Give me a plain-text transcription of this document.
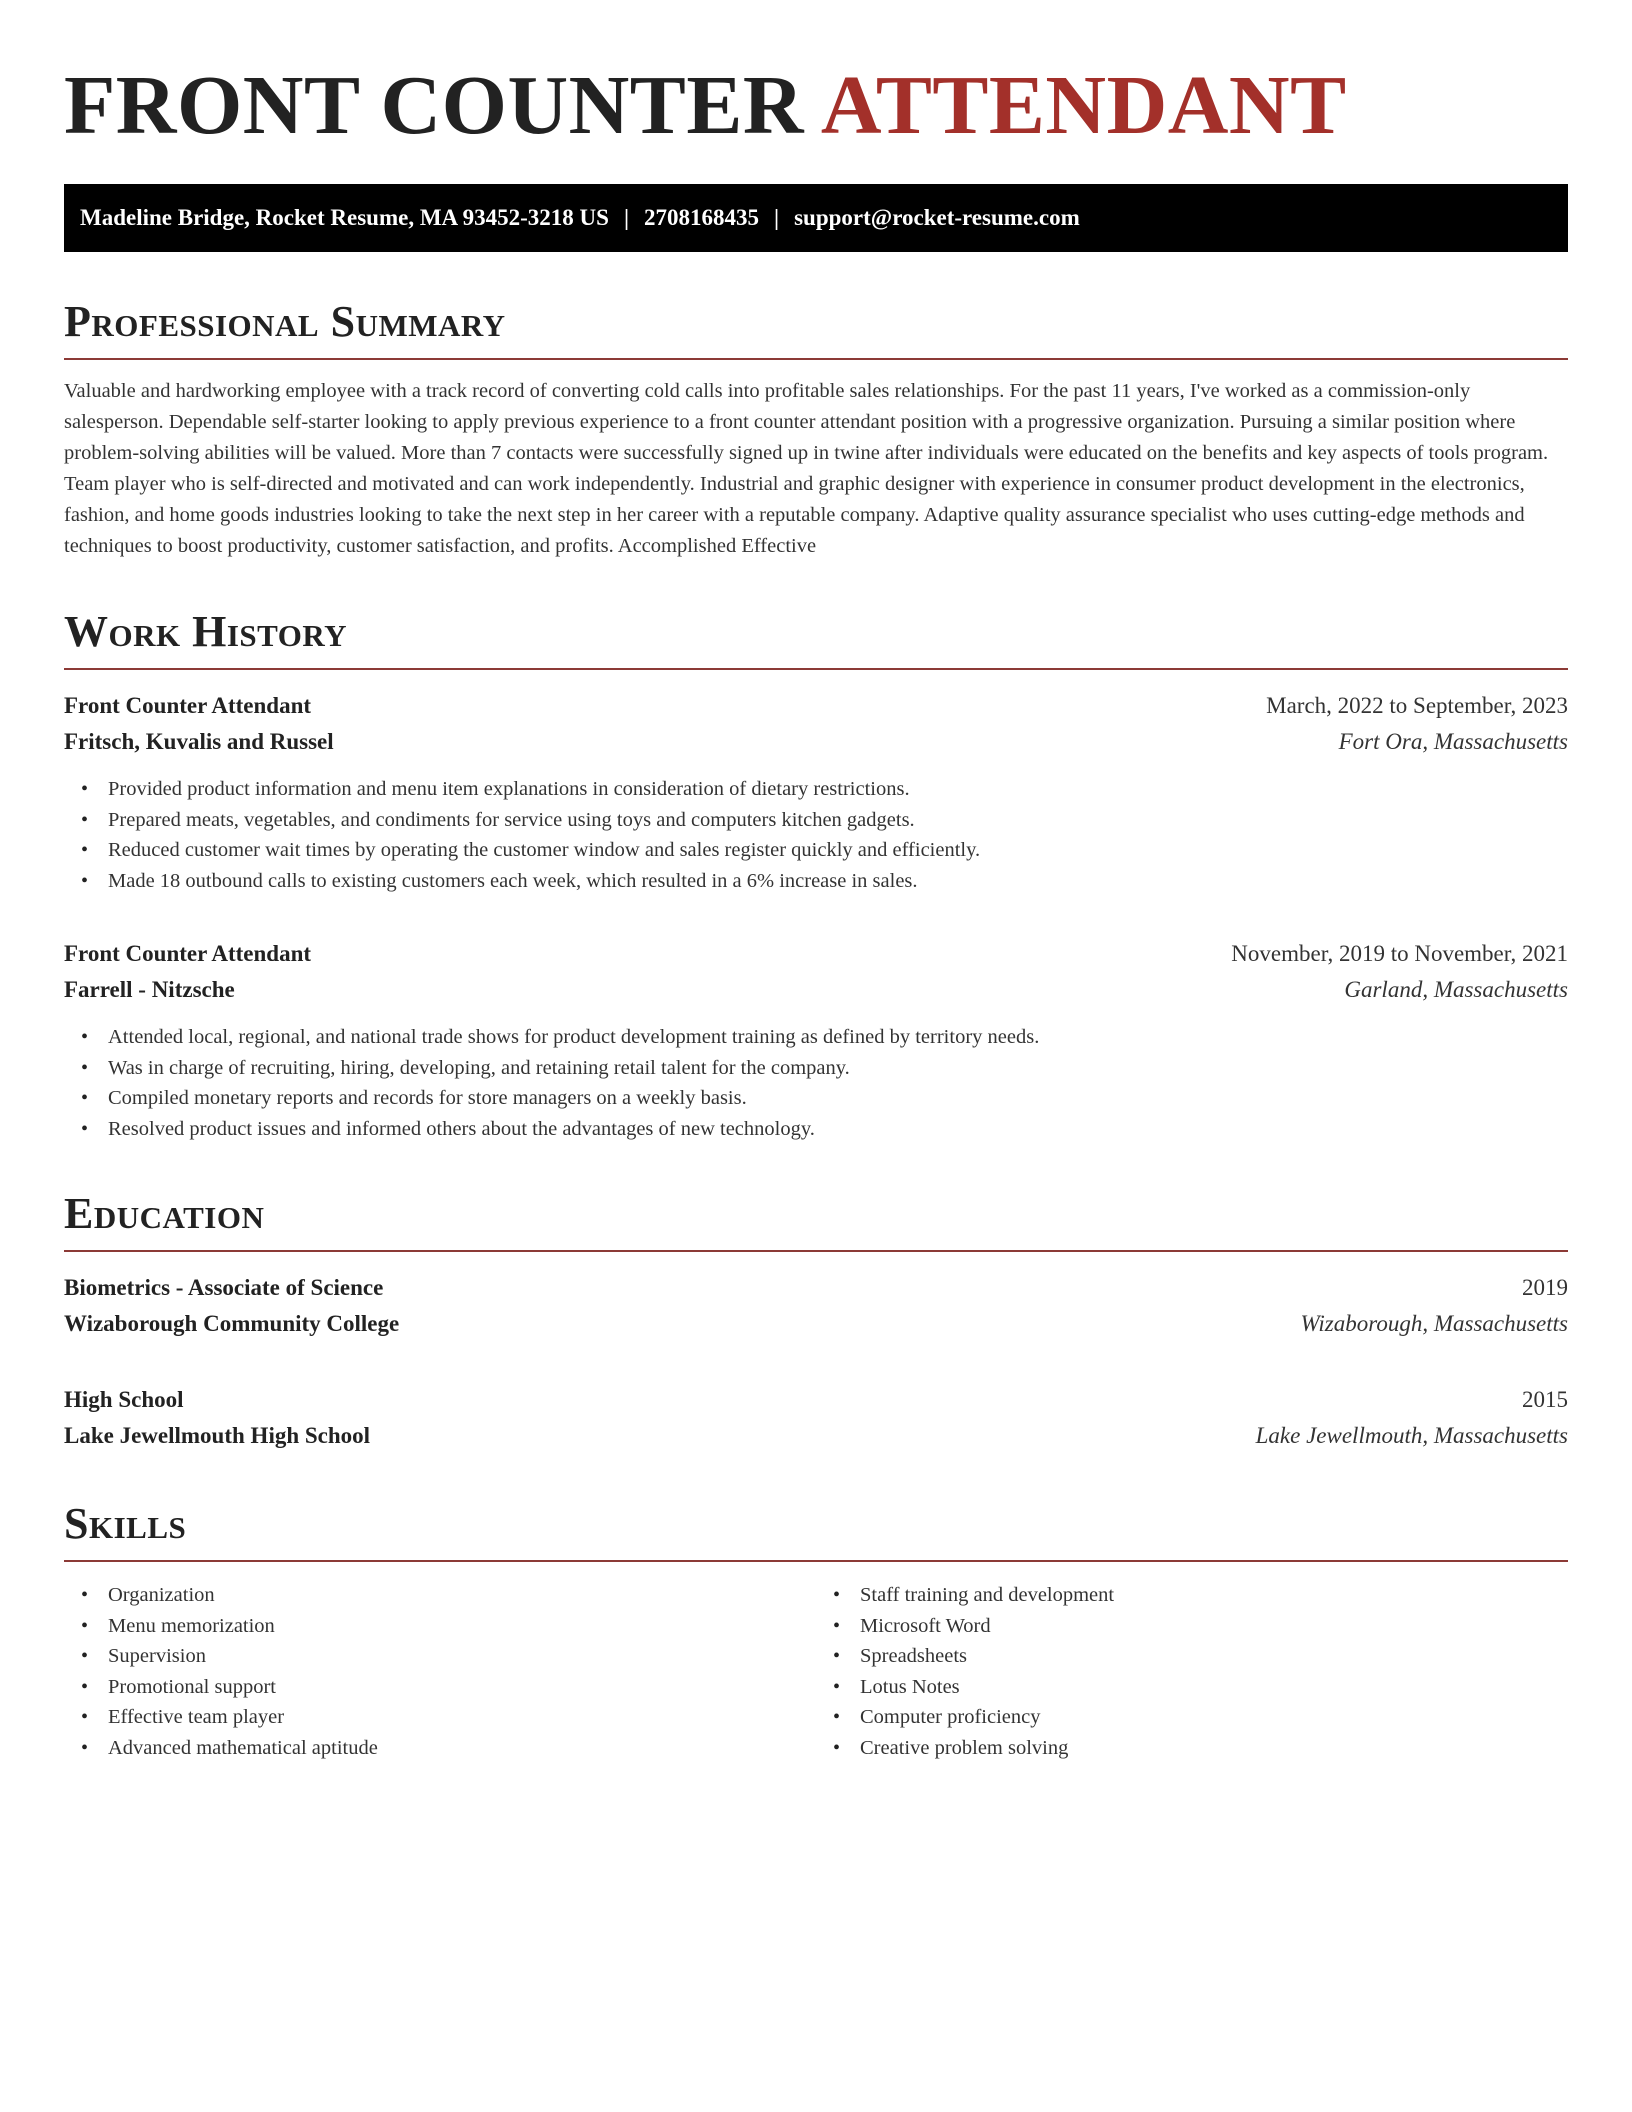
FRONT COUNTER ATTENDANT
Madeline Bridge, Rocket Resume, MA 93452-3218 US | 2708168435 | support@rocket-resume.com
Professional Summary

Valuable and hardworking employee with a track record of converting cold calls into profitable sales relationships. For the past 11 years, I've worked as a commission-only salesperson. Dependable self-starter looking to apply previous experience to a front counter attendant position with a progressive organization. Pursuing a similar position where problem-solving abilities will be valued. More than 7 contacts were successfully signed up in twine after individuals were educated on the benefits and key aspects of tools program. Team player who is self-directed and motivated and can work independently. Industrial and graphic designer with experience in consumer product development in the electronics, fashion, and home goods industries looking to take the next step in her career with a reputable company. Adaptive quality assurance specialist who uses cutting-edge methods and techniques to boost productivity, customer satisfaction, and profits. Accomplished Effective

Work History
Front Counter Attendant	March, 2022 to September, 2023
Fritsch, Kuvalis and Russel	Fort Ora, Massachusetts
• Provided product information and menu item explanations in consideration of dietary restrictions.
• Prepared meats, vegetables, and condiments for service using toys and computers kitchen gadgets.
• Reduced customer wait times by operating the customer window and sales register quickly and efficiently.
• Made 18 outbound calls to existing customers each week, which resulted in a 6% increase in sales.
Front Counter Attendant	November, 2019 to November, 2021
Farrell - Nitzsche	Garland, Massachusetts
• Attended local, regional, and national trade shows for product development training as defined by territory needs.
• Was in charge of recruiting, hiring, developing, and retaining retail talent for the company.
• Compiled monetary reports and records for store managers on a weekly basis.
• Resolved product issues and informed others about the advantages of new technology.
Education
Biometrics - Associate of Science	2019
Wizaborough Community College	Wizaborough, Massachusetts
High School	2015
Lake Jewellmouth High School	Lake Jewellmouth, Massachusetts
Skills
• Organization
• Menu memorization
• Supervision
• Promotional support
• Effective team player
• Advanced mathematical aptitude
• Staff training and development
• Microsoft Word
• Spreadsheets
• Lotus Notes
• Computer proficiency
• Creative problem solving
